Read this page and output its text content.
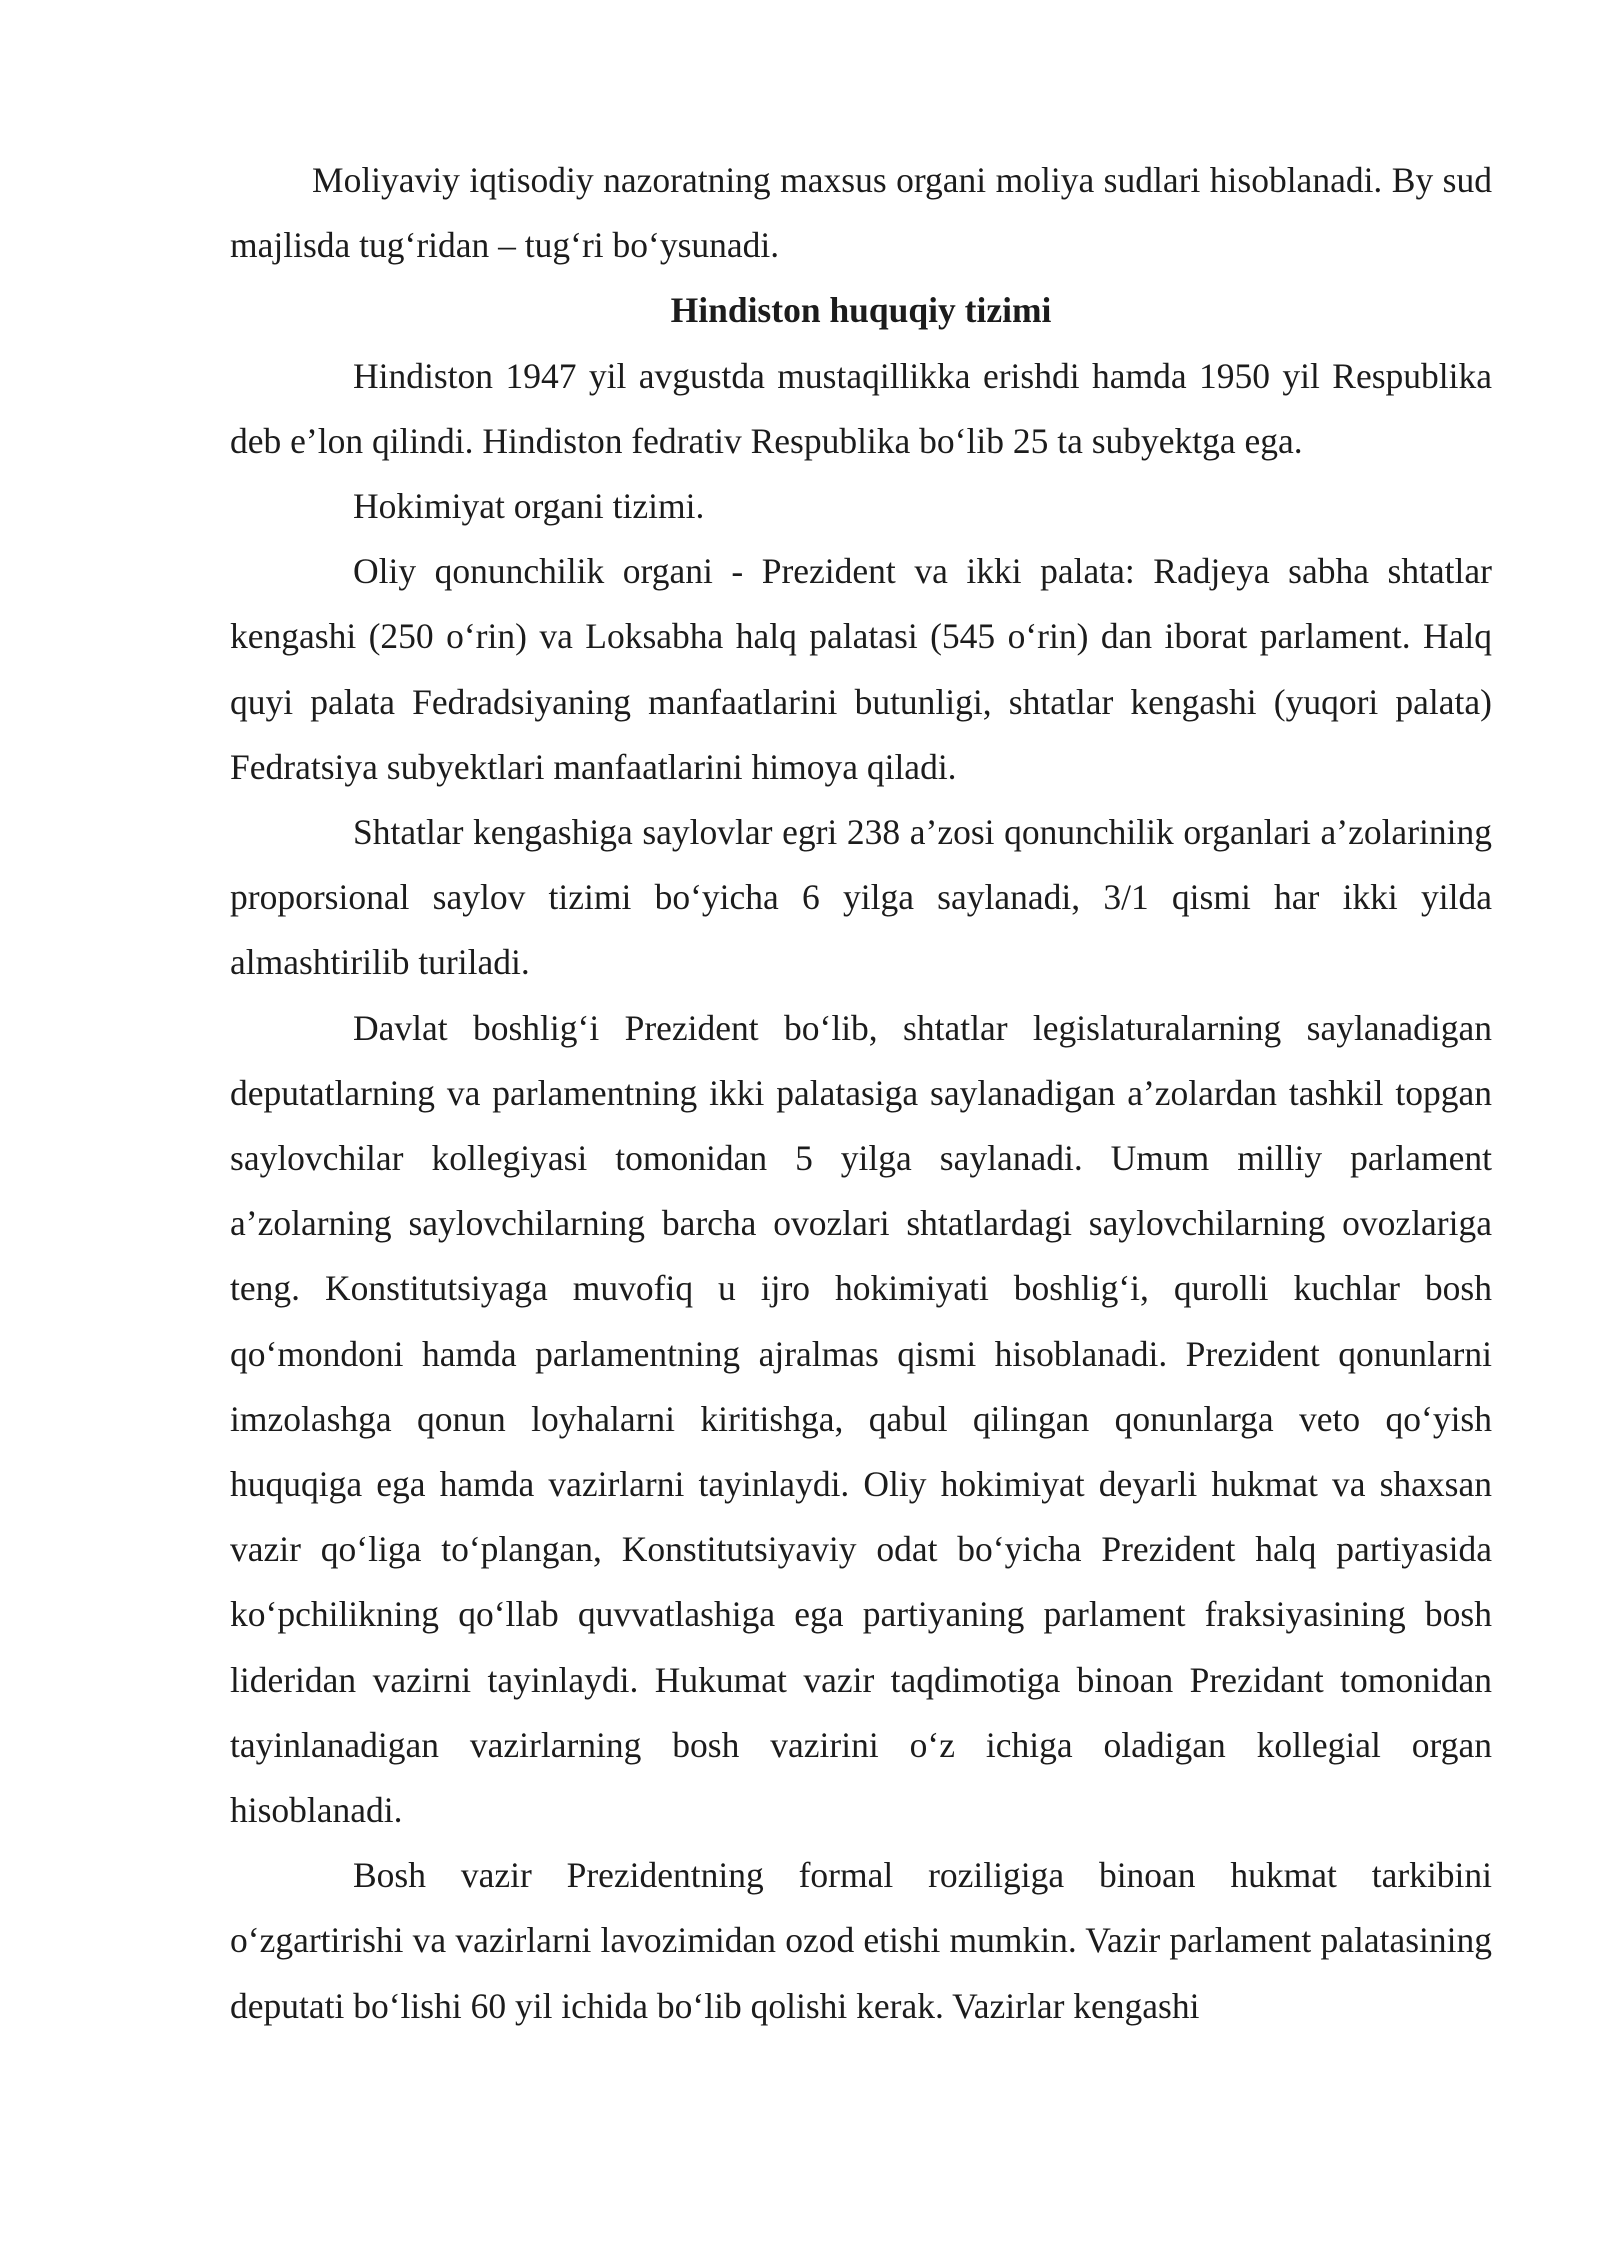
Moliyaviy iqtisodiy nazoratning maxsus organi moliya sudlari hisoblanadi. By sud majlisda tug‘ridan – tug‘ri bo‘ysunadi.

Hindiston huquqiy tizimi

Hindiston 1947 yil avgustda mustaqillikka erishdi hamda 1950 yil Respublika deb e’lon qilindi. Hindiston fedrativ Respublika bo‘lib 25 ta subyektga ega.

Hokimiyat organi tizimi.

Oliy qonunchilik organi - Prezident va ikki palata: Radjeya sabha shtatlar kengashi (250 o‘rin) va Loksabha halq palatasi (545 o‘rin) dan iborat parlament. Halq quyi palata Fedradsiyaning manfaatlarini butunligi, shtatlar kengashi (yuqori palata) Fedratsiya subyektlari manfaatlarini himoya qiladi.

Shtatlar kengashiga saylovlar egri 238 a’zosi qonunchilik organlari a’zolarining proporsional saylov tizimi bo‘yicha 6 yilga saylanadi, 3/1 qismi har ikki yilda almashtirilib turiladi.

Davlat boshlig‘i Prezident bo‘lib, shtatlar legislaturalarning saylanadigan deputatlarning va parlamentning ikki palatasiga saylanadigan a’zolardan tashkil topgan saylovchilar kollegiyasi tomonidan 5 yilga saylanadi. Umum milliy parlament a’zolarning saylovchilarning barcha ovozlari shtatlardagi saylovchilarning ovozlariga teng. Konstitutsiyaga muvofiq u ijro hokimiyati boshlig‘i, qurolli kuchlar bosh qo‘mondoni hamda parlamentning ajralmas qismi hisoblanadi. Prezident qonunlarni imzolashga qonun loyhalarni kiritishga, qabul qilingan qonunlarga veto qo‘yish huquqiga ega hamda vazirlarni tayinlaydi. Oliy hokimiyat deyarli hukmat va shaxsan vazir qo‘liga to‘plangan, Konstitutsiyaviy odat bo‘yicha Prezident halq partiyasida ko‘pchilikning qo‘llab quvvatlashiga ega partiyaning parlament fraksiyasining bosh lideridan vazirni tayinlaydi. Hukumat vazir taqdimotiga binoan Prezidant tomonidan tayinlanadigan vazirlarning bosh vazirini o‘z ichiga oladigan kollegial organ hisoblanadi.

Bosh vazir Prezidentning formal roziligiga binoan hukmat tarkibini o‘zgartirishi va vazirlarni lavozimidan ozod etishi mumkin. Vazir parlament palatasining deputati bo‘lishi 60 yil ichida bo‘lib qolishi kerak. Vazirlar kengashi
